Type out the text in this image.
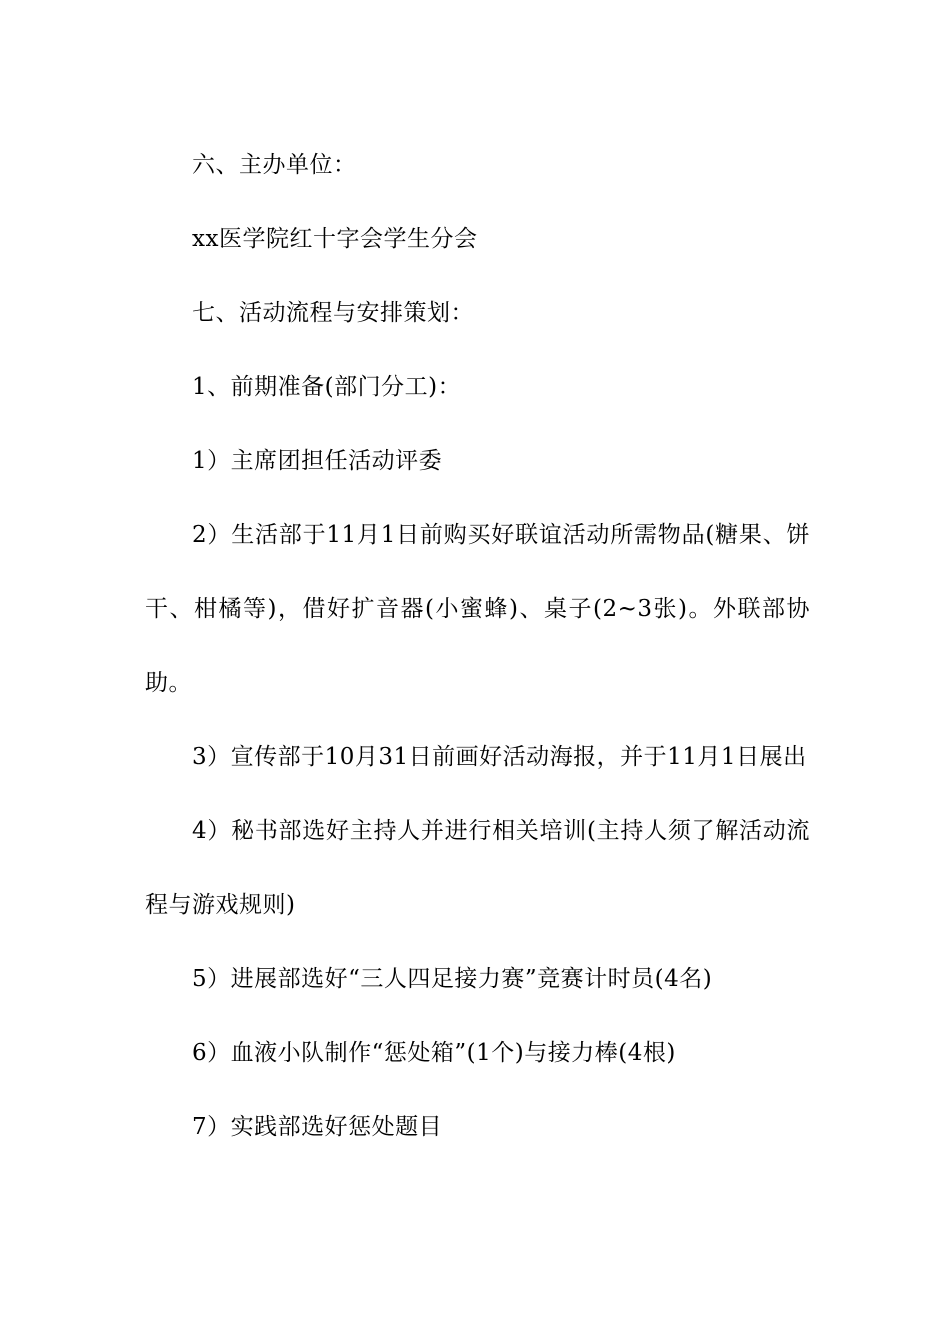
六、主办单位：

xx医学院红十字会学生分会

七、活动流程与安排策划：

1、前期准备(部门分工)：

1）主席团担任活动评委

2）生活部于11月1日前购买好联谊活动所需物品(糖果、饼干、柑橘等)，借好扩音器(小蜜蜂)、桌子(2~3张)。外联部协助。

3）宣传部于10月31日前画好活动海报，并于11月1日展出

4）秘书部选好主持人并进行相关培训(主持人须了解活动流程与游戏规则)

5）进展部选好“三人四足接力赛”竞赛计时员(4名)

6）血液小队制作“惩处箱”(1个)与接力棒(4根)

7）实践部选好惩处题目
